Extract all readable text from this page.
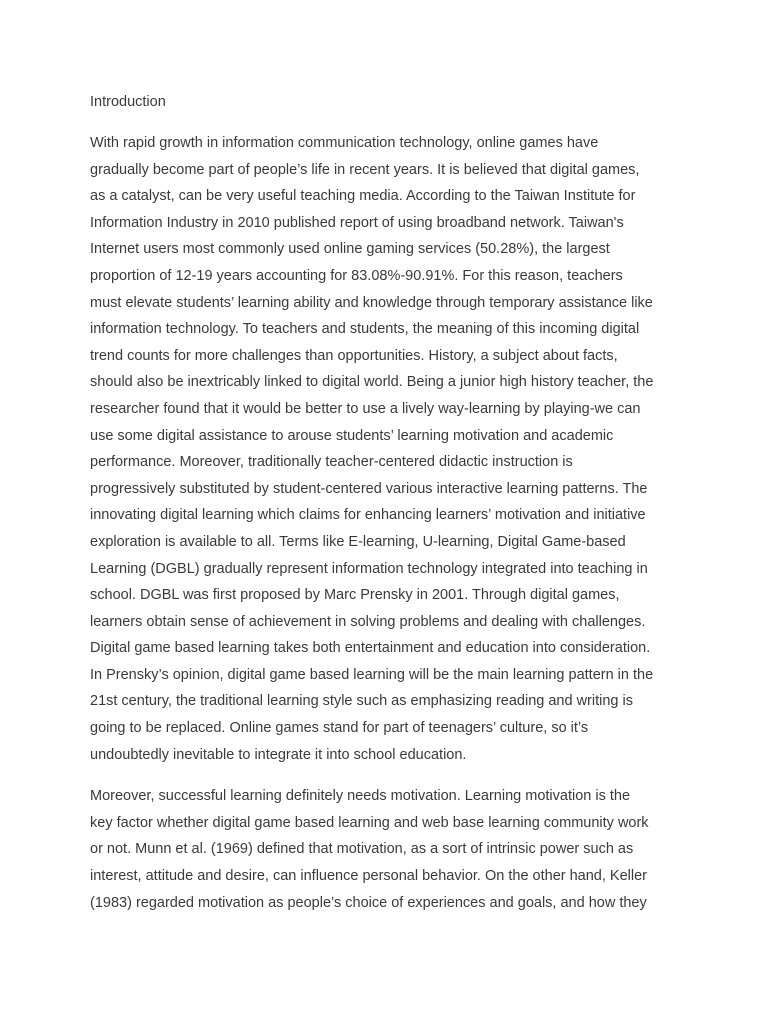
Introduction

With rapid growth in information communication technology, online games have
gradually become part of people’s life in recent years. It is believed that digital games,
as a catalyst, can be very useful teaching media. According to the Taiwan Institute for
Information Industry in 2010 published report of using broadband network. Taiwan's
Internet users most commonly used online gaming services (50.28%), the largest
proportion of 12-19 years accounting for 83.08%-90.91%. For this reason, teachers
must elevate students’ learning ability and knowledge through temporary assistance like
information technology. To teachers and students, the meaning of this incoming digital
trend counts for more challenges than opportunities. History, a subject about facts,
should also be inextricably linked to digital world. Being a junior high history teacher, the
researcher found that it would be better to use a lively way-learning by playing-we can
use some digital assistance to arouse students’ learning motivation and academic
performance. Moreover, traditionally teacher-centered didactic instruction is
progressively substituted by student-centered various interactive learning patterns. The
innovating digital learning which claims for enhancing learners’ motivation and initiative
exploration is available to all. Terms like E-learning, U-learning, Digital Game-based
Learning (DGBL) gradually represent information technology integrated into teaching in
school. DGBL was first proposed by Marc Prensky in 2001. Through digital games,
learners obtain sense of achievement in solving problems and dealing with challenges.
Digital game based learning takes both entertainment and education into consideration.
In Prensky’s opinion, digital game based learning will be the main learning pattern in the
21st century, the traditional learning style such as emphasizing reading and writing is
going to be replaced. Online games stand for part of teenagers’ culture, so it’s
undoubtedly inevitable to integrate it into school education.

Moreover, successful learning definitely needs motivation. Learning motivation is the
key factor whether digital game based learning and web base learning community work
or not. Munn et al. (1969) defined that motivation, as a sort of intrinsic power such as
interest, attitude and desire, can influence personal behavior. On the other hand, Keller
(1983) regarded motivation as people’s choice of experiences and goals, and how they
